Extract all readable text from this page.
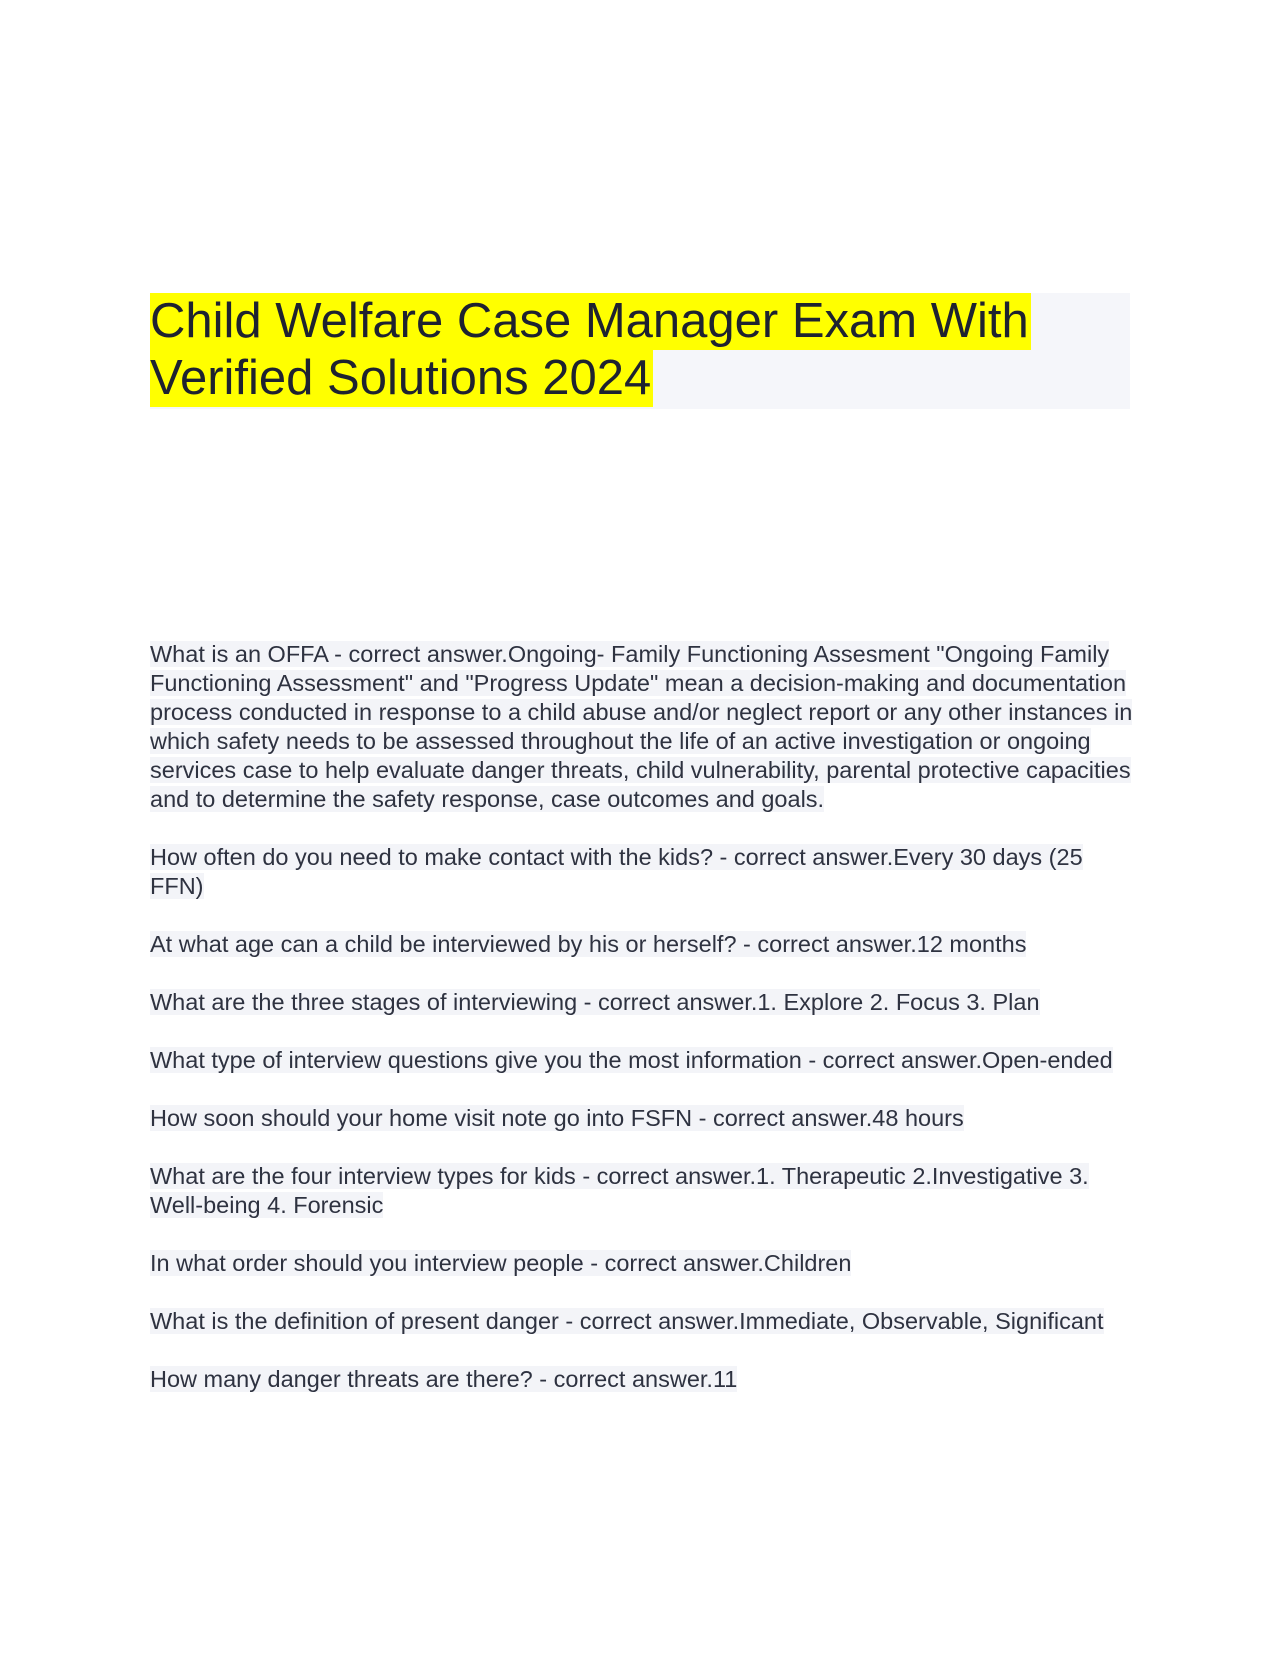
Child Welfare Case Manager Exam With
Verified Solutions 2024

What is an OFFA - correct answer.Ongoing- Family Functioning Assesment "Ongoing Family Functioning Assessment" and "Progress Update" mean a decision-making and documentation process conducted in response to a child abuse and/or neglect report or any other instances in which safety needs to be assessed throughout the life of an active investigation or ongoing services case to help evaluate danger threats, child vulnerability, parental protective capacities and to determine the safety response, case outcomes and goals.

How often do you need to make contact with the kids? - correct answer.Every 30 days (25 FFN)

At what age can a child be interviewed by his or herself? - correct answer.12 months

What are the three stages of interviewing - correct answer.1. Explore 2. Focus 3. Plan

What type of interview questions give you the most information - correct answer.Open-ended

How soon should your home visit note go into FSFN - correct answer.48 hours

What are the four interview types for kids - correct answer.1. Therapeutic 2.Investigative 3. Well-being 4. Forensic

In what order should you interview people - correct answer.Children

What is the definition of present danger - correct answer.Immediate, Observable, Significant

How many danger threats are there? - correct answer.11
